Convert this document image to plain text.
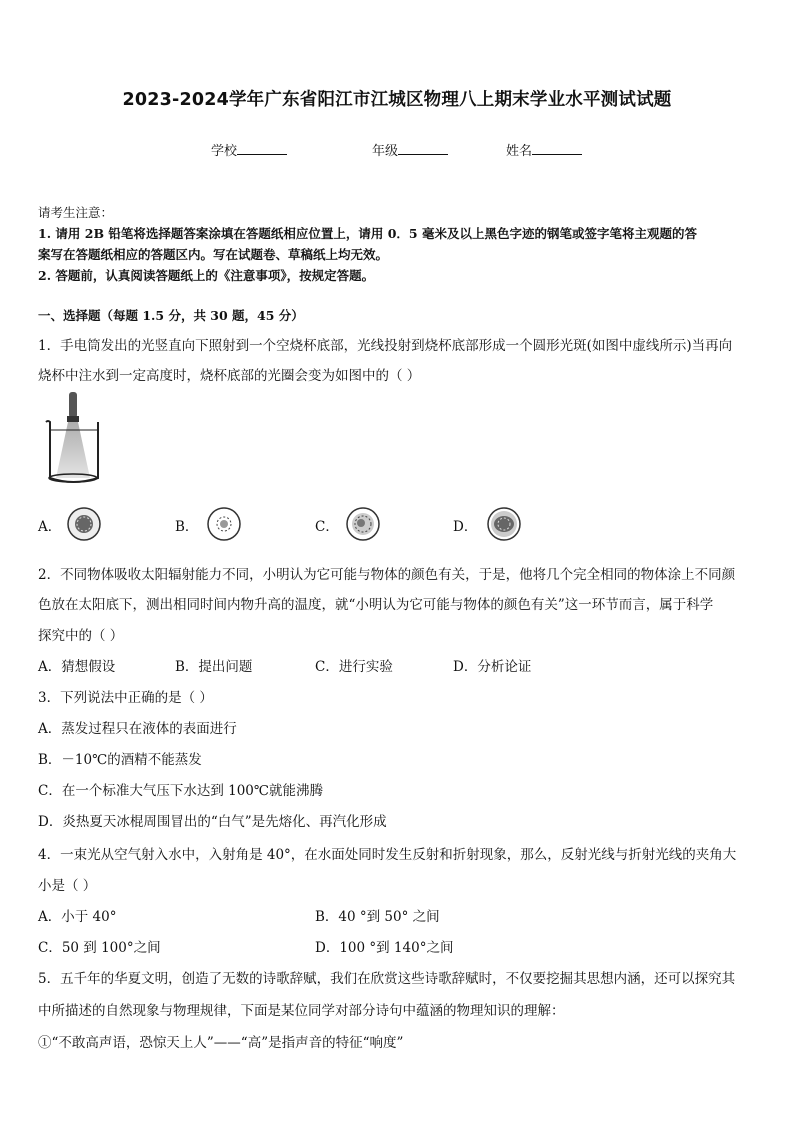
2023-2024学年广东省阳江市江城区物理八上期末学业水平测试试题
学校	年级	姓名
请考生注意：
1. 请用 2B 铅笔将选择题答案涂填在答题纸相应位置上，请用 0．5 毫米及以上黑色字迹的钢笔或签字笔将主观题的答
案写在答题纸相应的答题区内。写在试题卷、草稿纸上均无效。
2. 答题前，认真阅读答题纸上的《注意事项》，按规定答题。
一、选择题（每题 1.5 分，共 30 题，45 分）
1．手电筒发出的光竖直向下照射到一个空烧杯底部，光线投射到烧杯底部形成一个圆形光斑(如图中虚线所示)当再向
烧杯中注水到一定高度时，烧杯底部的光圈会变为如图中的（ ）
A．	B．	C．	D．
2．不同物体吸收太阳辐射能力不同，小明认为它可能与物体的颜色有关，于是，他将几个完全相同的物体涂上不同颜
色放在太阳底下，测出相同时间内物升高的温度，就“小明认为它可能与物体的颜色有关”这一环节而言，属于科学
探究中的（ ）
A．猜想假设	B．提出问题	C．进行实验	D．分析论证
3．下列说法中正确的是（ ）
A．蒸发过程只在液体的表面进行
B．－10℃的酒精不能蒸发
C．在一个标准大气压下水达到 100℃就能沸腾
D．炎热夏天冰棍周围冒出的“白气”是先熔化、再汽化形成
4．一束光从空气射入水中，入射角是 40°，在水面处同时发生反射和折射现象，那么，反射光线与折射光线的夹角大
小是（ ）
A．小于 40°	B．40 °到 50° 之间
C．50 到 100°之间	D．100 °到 140°之间
5．五千年的华夏文明，创造了无数的诗歌辞赋，我们在欣赏这些诗歌辞赋时，不仅要挖掘其思想内涵，还可以探究其
中所描述的自然现象与物理规律，下面是某位同学对部分诗句中蕴涵的物理知识的理解：
①“不敢高声语，恐惊天上人”——“高”是指声音的特征“响度”
